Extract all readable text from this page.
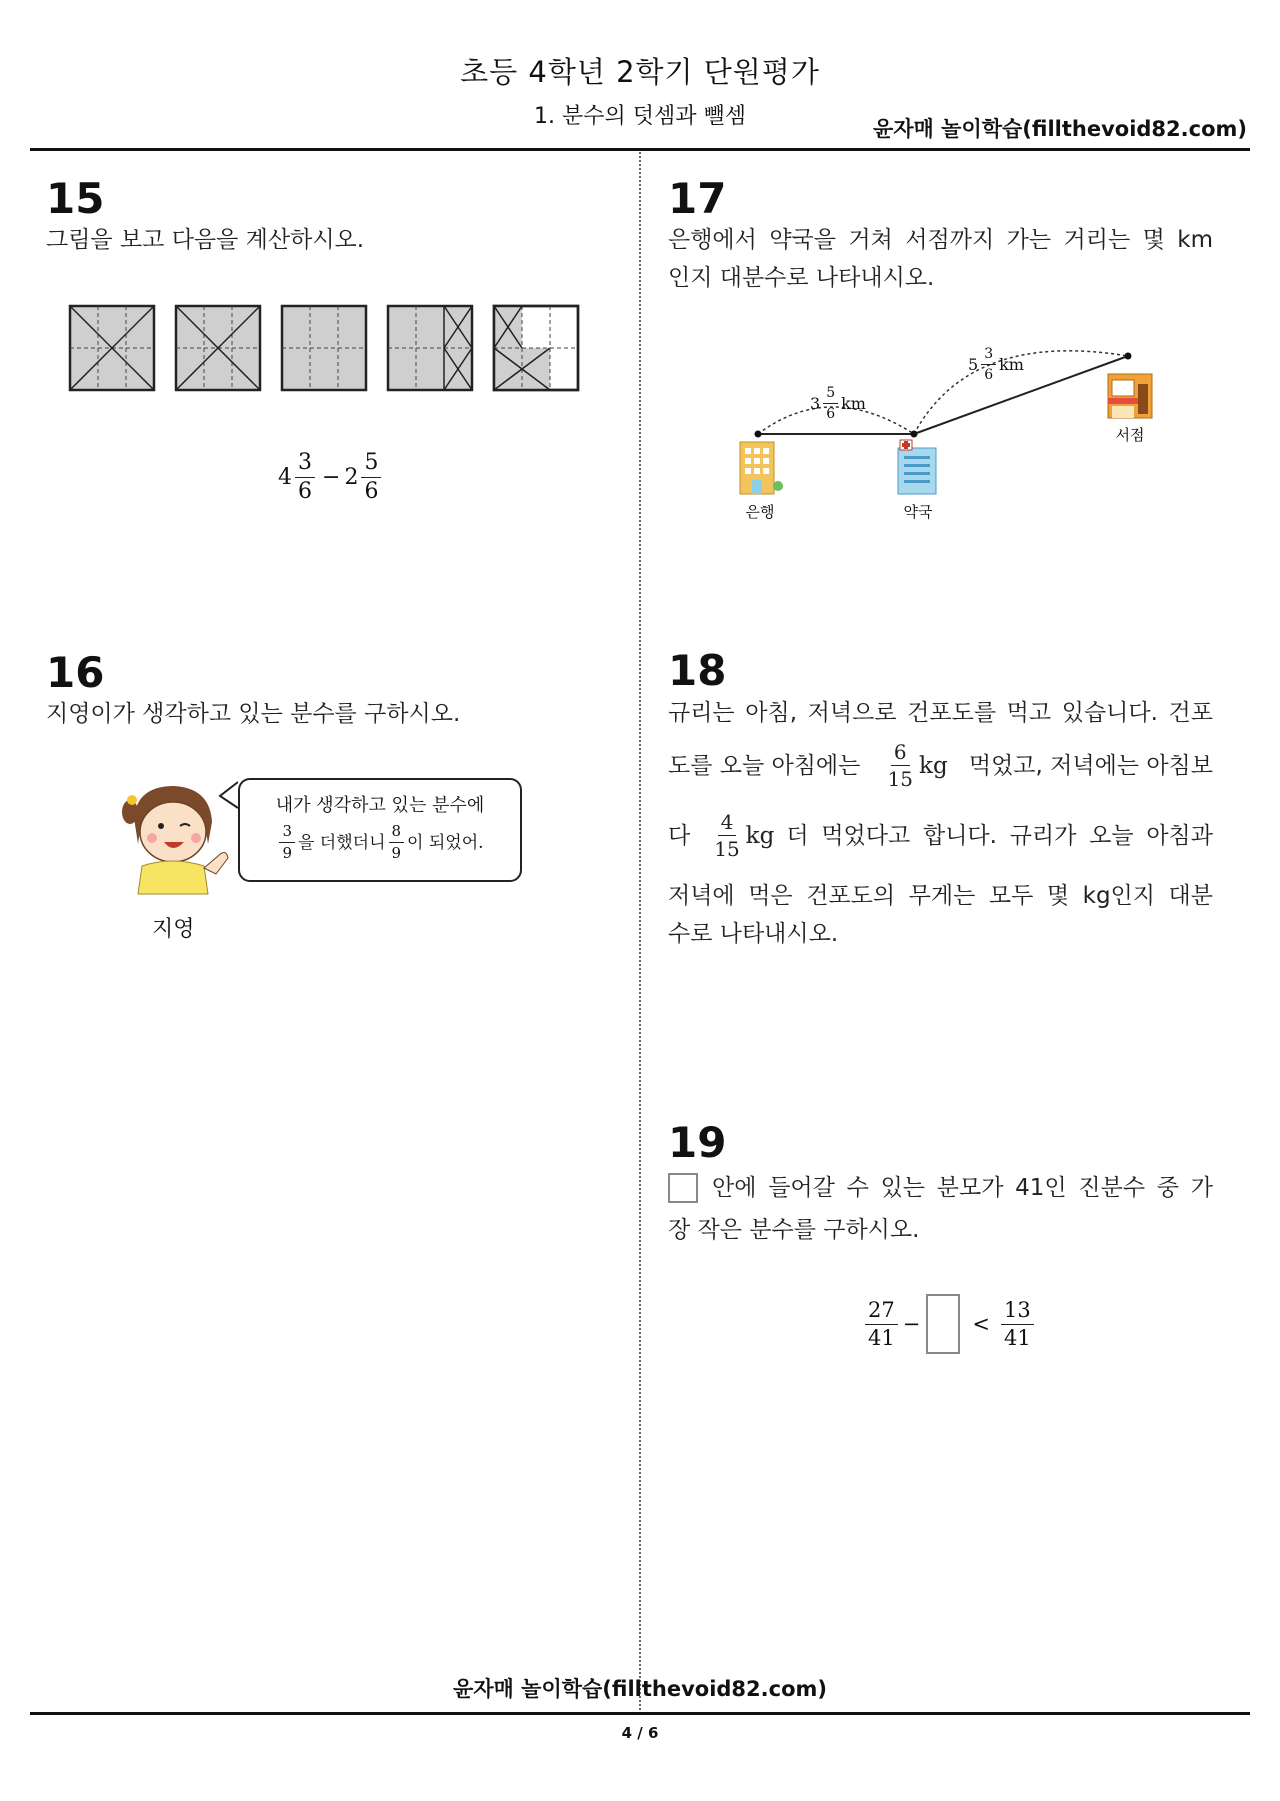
초등 4학년 2학기 단원평가
1. 분수의 덧셈과 뺄셈	윤자매 놀이학습(fillthevoid82.com)
15
그림을 보고 다음을 계산하시오.
$4 \frac{3}{6} - 2 \frac{5}{6}$
16
지영이가 생각하고 있는 분수를 구하시오.
내가 생각하고 있는 분수에
$\frac{3}{9}$ 을 더했더니 $\frac{8}{9}$ 이 되었어.
지영
17
은행에서 약국을 거쳐 서점까지 가는 거리는 몇 km
인지 대분수로 나타내시오.
은행	약국
서점
$3 \frac{5}{6}$ km
$5 \frac{3}{6}$ km
18
규리는 아침, 저녁으로 건포도를 먹고 있습니다. 건포
도를 오늘 아침에는 $\frac{6}{15}$ kg 먹었고, 저녁에는 아침보
다 $\frac{4}{15}$ kg 더 먹었다고 합니다. 규리가 오늘 아침과
저녁에 먹은 건포도의 무게는 모두 몇 kg인지 대분
수로 나타내시오.
19
안에 들어갈 수 있는 분모가 41인 진분수 중 가
장 작은 분수를 구하시오.
$\frac{27}{41}$ − < $\frac{13}{41}$
윤자매 놀이학습(fillthevoid82.com)
4 / 6
